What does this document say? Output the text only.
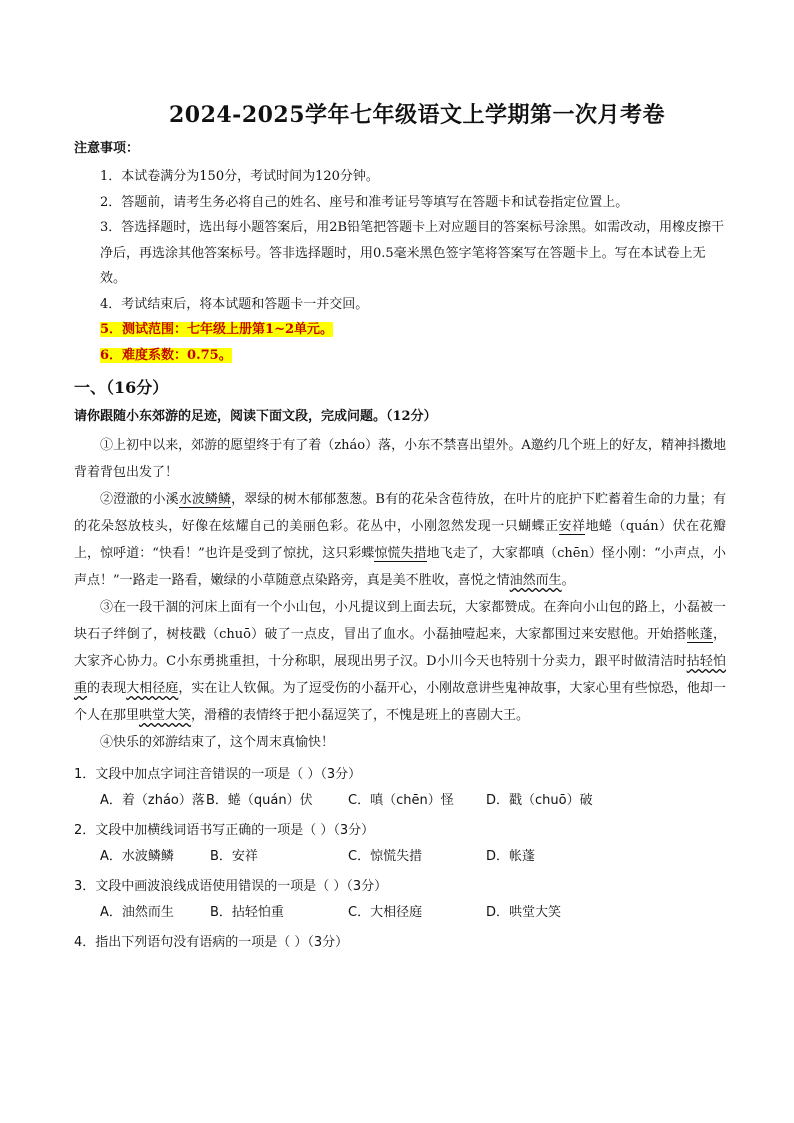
2024-2025学年七年级语文上学期第一次月考卷
注意事项：

1．本试卷满分为150分，考试时间为120分钟。

2．答题前，请考生务必将自己的姓名、座号和准考证号等填写在答题卡和试卷指定位置上。

3．答选择题时，选出每小题答案后，用2B铅笔把答题卡上对应题目的答案标号涂黑。如需改动，用橡皮擦干净后，再选涂其他答案标号。答非选择题时，用0.5毫米黑色签字笔将答案写在答题卡上。写在本试卷上无效。

4．考试结束后，将本试题和答题卡一并交回。

5．测试范围：七年级上册第1~2单元。

6．难度系数：0.75。

一、（16分）
请你跟随小东郊游的足迹，阅读下面文段，完成问题。（12分）

①上初中以来，郊游的愿望终于有了着（zháo）落，小东不禁喜出望外。A邀约几个班上的好友，精神抖擞地背着背包出发了！

②澄澈的小溪水波鳞鳞，翠绿的树木郁郁葱葱。B有的花朵含苞待放，在叶片的庇护下贮蓄着生命的力量；有的花朵怒放枝头，好像在炫耀自己的美丽色彩。花丛中，小刚忽然发现一只蝴蝶正安祥地蜷（quán）伏在花瓣上，惊呼道：“快看！”也许是受到了惊扰，这只彩蝶惊慌失措地飞走了，大家都嗔（chēn）怪小刚：“小声点，小声点！”一路走一路看，嫩绿的小草随意点染路旁，真是美不胜收，喜悦之情油然而生。

③在一段干涸的河床上面有一个小山包，小凡提议到上面去玩，大家都赞成。在奔向小山包的路上，小磊被一块石子绊倒了，树枝戳（chuō）破了一点皮，冒出了血水。小磊抽噎起来，大家都围过来安慰他。开始搭帐蓬，大家齐心协力。C小东勇挑重担，十分称职，展现出男子汉。D小川今天也特别十分卖力，跟平时做清洁时拈轻怕重的表现大相径庭，实在让人钦佩。为了逗受伤的小磊开心，小刚故意讲些鬼神故事，大家心里有些惊恐，他却一个人在那里哄堂大笑，滑稽的表情终于把小磊逗笑了，不愧是班上的喜剧大王。

④快乐的郊游结束了，这个周末真愉快！

1．文段中加点字词注音错误的一项是（ ）（3分）
A．着（zháo）落 B．蜷（quán）伏	C．嗔（chēn）怪	D．戳（chuō）破
2．文段中加横线词语书写正确的一项是（ ）（3分）
A．水波鳞鳞	B．安祥	C．惊慌失措	D．帐蓬
3．文段中画波浪线成语使用错误的一项是（ ）（3分）
A．油然而生	B．拈轻怕重	C．大相径庭	D．哄堂大笑
4．指出下列语句没有语病的一项是（ ）（3分）
